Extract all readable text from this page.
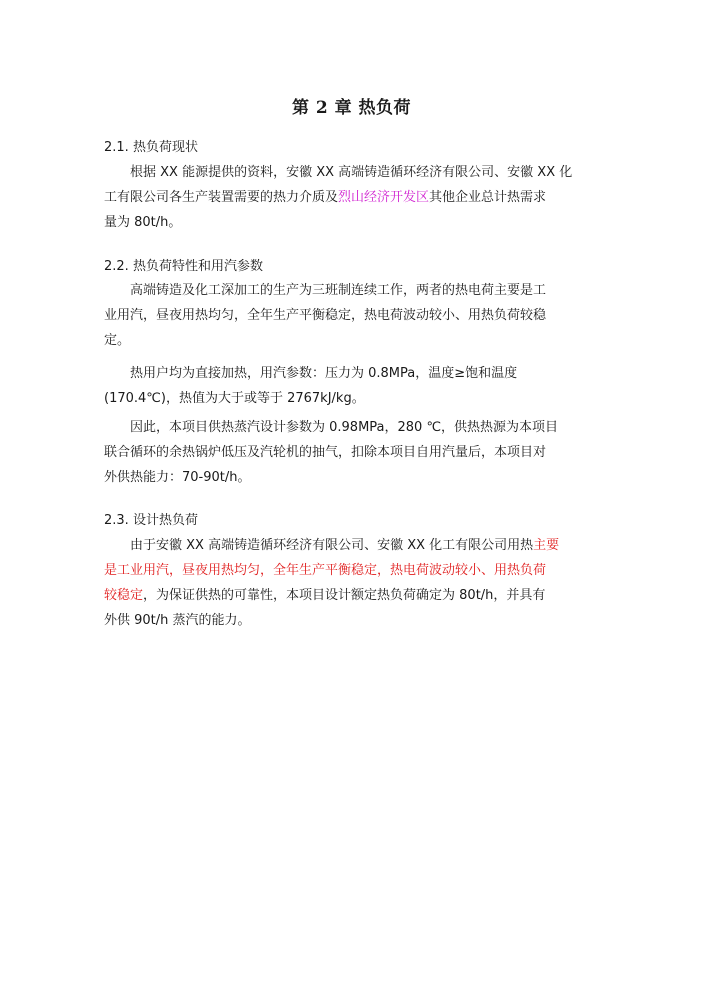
第 2 章 热负荷
2.1. 热负荷现状
根据 XX 能源提供的资料，安徽 XX 高端铸造循环经济有限公司、安徽 XX 化
工有限公司各生产装置需要的热力介质及烈山经济开发区其他企业总计热需求
量为 80t/h。
2.2. 热负荷特性和用汽参数
高端铸造及化工深加工的生产为三班制连续工作，两者的热电荷主要是工
业用汽，昼夜用热均匀，全年生产平衡稳定，热电荷波动较小、用热负荷较稳
定。
热用户均为直接加热，用汽参数：压力为 0.8MPa，温度≥饱和温度
(170.4℃)，热值为大于或等于 2767kJ/kg。
因此，本项目供热蒸汽设计参数为 0.98MPa，280 ℃，供热热源为本项目
联合循环的余热锅炉低压及汽轮机的抽气，扣除本项目自用汽量后，本项目对
外供热能力：70-90t/h。
2.3. 设计热负荷
由于安徽 XX 高端铸造循环经济有限公司、安徽 XX 化工有限公司用热主要
是工业用汽，昼夜用热均匀，全年生产平衡稳定，热电荷波动较小、用热负荷
较稳定，为保证供热的可靠性，本项目设计额定热负荷确定为 80t/h，并具有
外供 90t/h 蒸汽的能力。
